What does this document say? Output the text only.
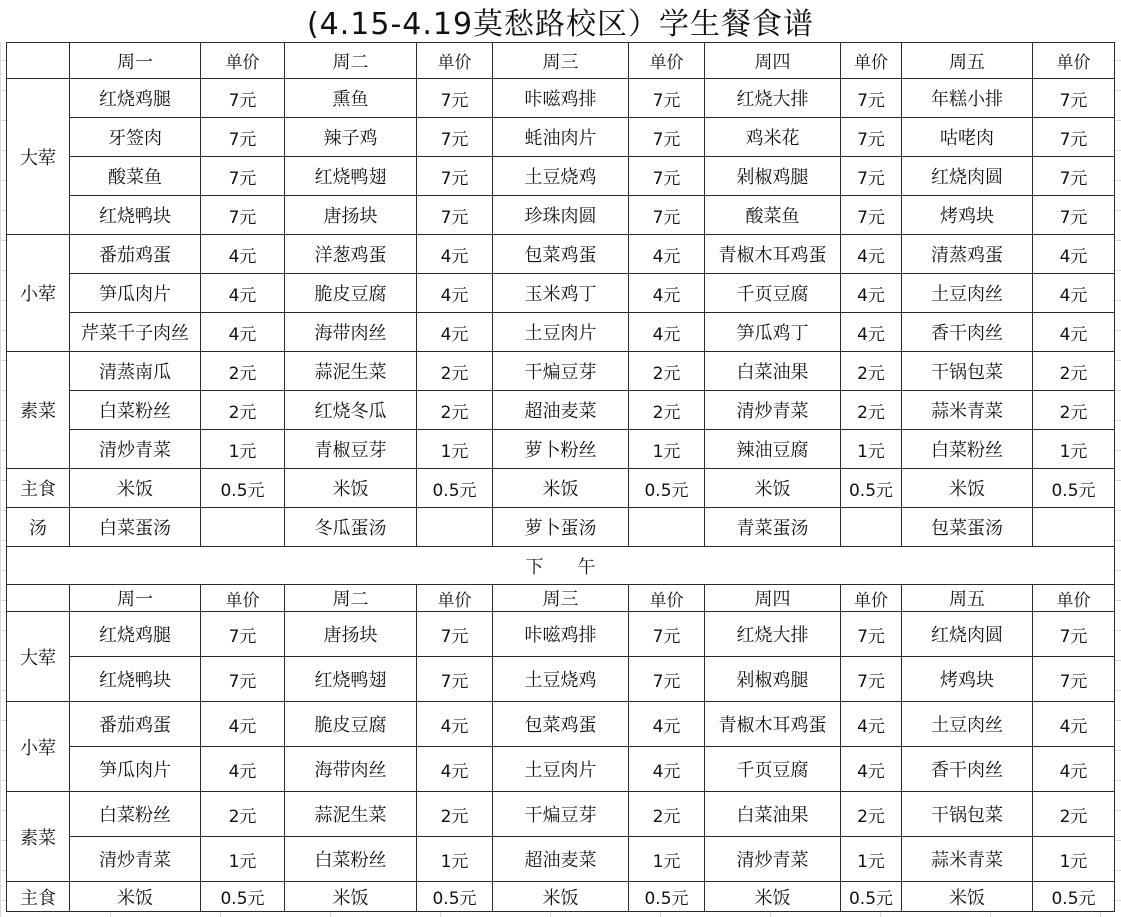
(4.15-4.19莫愁路校区）学生餐食谱
	周一	单价	周二	单价	周三	单价	周四	单价	周五	单价
大荤	红烧鸡腿	7元	熏鱼	7元	咔嗞鸡排	7元	红烧大排	7元	年糕小排	7元
	牙签肉	7元	辣子鸡	7元	蚝油肉片	7元	鸡米花	7元	咕咾肉	7元
	酸菜鱼	7元	红烧鸭翅	7元	土豆烧鸡	7元	剁椒鸡腿	7元	红烧肉圆	7元
	红烧鸭块	7元	唐扬块	7元	珍珠肉圆	7元	酸菜鱼	7元	烤鸡块	7元
小荤	番茄鸡蛋	4元	洋葱鸡蛋	4元	包菜鸡蛋	4元	青椒木耳鸡蛋	4元	清蒸鸡蛋	4元
	笋瓜肉片	4元	脆皮豆腐	4元	玉米鸡丁	4元	千页豆腐	4元	土豆肉丝	4元
	芹菜千子肉丝	4元	海带肉丝	4元	土豆肉片	4元	笋瓜鸡丁	4元	香干肉丝	4元
素菜	清蒸南瓜	2元	蒜泥生菜	2元	干煸豆芽	2元	白菜油果	2元	干锅包菜	2元
	白菜粉丝	2元	红烧冬瓜	2元	超油麦菜	2元	清炒青菜	2元	蒜米青菜	2元
	清炒青菜	1元	青椒豆芽	1元	萝卜粉丝	1元	辣油豆腐	1元	白菜粉丝	1元
主食	米饭	0.5元	米饭	0.5元	米饭	0.5元	米饭	0.5元	米饭	0.5元
汤	白菜蛋汤		冬瓜蛋汤		萝卜蛋汤		青菜蛋汤		包菜蛋汤	
下午										
	周一	单价	周二	单价	周三	单价	周四	单价	周五	单价
大荤	红烧鸡腿	7元	唐扬块	7元	咔嗞鸡排	7元	红烧大排	7元	红烧肉圆	7元
	红烧鸭块	7元	红烧鸭翅	7元	土豆烧鸡	7元	剁椒鸡腿	7元	烤鸡块	7元
小荤	番茄鸡蛋	4元	脆皮豆腐	4元	包菜鸡蛋	4元	青椒木耳鸡蛋	4元	土豆肉丝	4元
	笋瓜肉片	4元	海带肉丝	4元	土豆肉片	4元	千页豆腐	4元	香干肉丝	4元
素菜	白菜粉丝	2元	蒜泥生菜	2元	干煸豆芽	2元	白菜油果	2元	干锅包菜	2元
	清炒青菜	1元	白菜粉丝	1元	超油麦菜	1元	清炒青菜	1元	蒜米青菜	1元
主食	米饭	0.5元	米饭	0.5元	米饭	0.5元	米饭	0.5元	米饭	0.5元
